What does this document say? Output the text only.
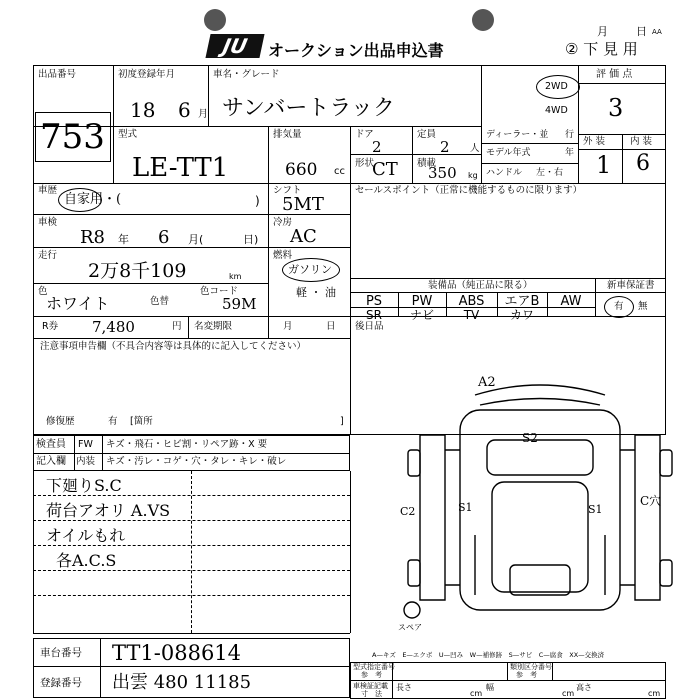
JU	オークション出品申込書
月	日 AA
② 下 見 用
出品番号
753
初度登録年月
18 6 月
車名・グレード
サンバートラック
型式
LE-TT1
排気量
660 cc
ドア
2
形状
CT
定員
2 人
積載
350 kg
ディーラー・並 行
モデル年式	年
ハンドル 左・右
2WD
4WD
評 価 点
3
外 装	内 装
1 6
車歴
自家用・(	)
シフト
5MT
車検
R8 年 6 月(	日)
冷房
AC
走行
2万8千109	km
燃料
ガソリン
軽 ・ 油
色
ホワイト	色替
色コード
59M
R券 7,480	円 名変期限	月	日
セールスポイント（正常に機能するものに限ります）
装備品（純正品に限る）	新車保証書
有 無
PS	PW	ABS	エアB	AW
SR	ナビ	TV	カワ
後日品
注意事項申告欄（不具合内容等は具体的に記入してください）
修復歴	有 [箇所	]
検査員
記入欄
FW キズ・飛石・ヒビ割・リペア跡・X 要
内装 キズ・汚レ・コゲ・穴・タレ・キレ・破レ
下廻りS.C
荷台アオリ A.VS
オイルもれ
各A.C.S
A2
S2
C2	S1	S1
C穴
スペア
A—キズ　E—エクボ　U—凹み　W—補修跡　S—サビ　C—腐食　XX—交換済
車台番号 TT1-088614
登録番号 出雲 480 11185
型式指定番号
参　考
類別区分番号
参　考
車検証記載
寸　法
長さ
cm
幅
cm
高さ
cm
